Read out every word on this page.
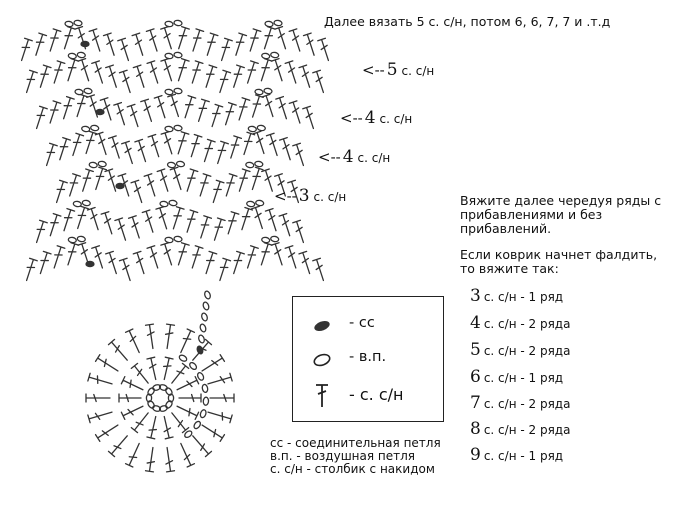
Далее вязать 5 с. с/н, потом 6, 6, 7, 7 и .т.д
<-- 5 с. с/н
<-- 4 с. с/н
<-- 4 с. с/н
<-- 3 с. с/н	Вяжите далее чередуя ряды с прибавлениями и без прибавлений.
Если коврик начнет фалдить, то вяжите так:
- сс
- в.п.
- с. с/н
сс - соединительная петля
в.п. - воздушная петля
с. с/н - столбик с накидом
3 с. с/н - 1 ряд
4 с. с/н - 2 ряда
5 с. с/н - 2 ряда
6 с. с/н - 1 ряд
7 с. с/н - 2 ряда
8 с. с/н - 2 ряда
9 с. с/н - 1 ряд
